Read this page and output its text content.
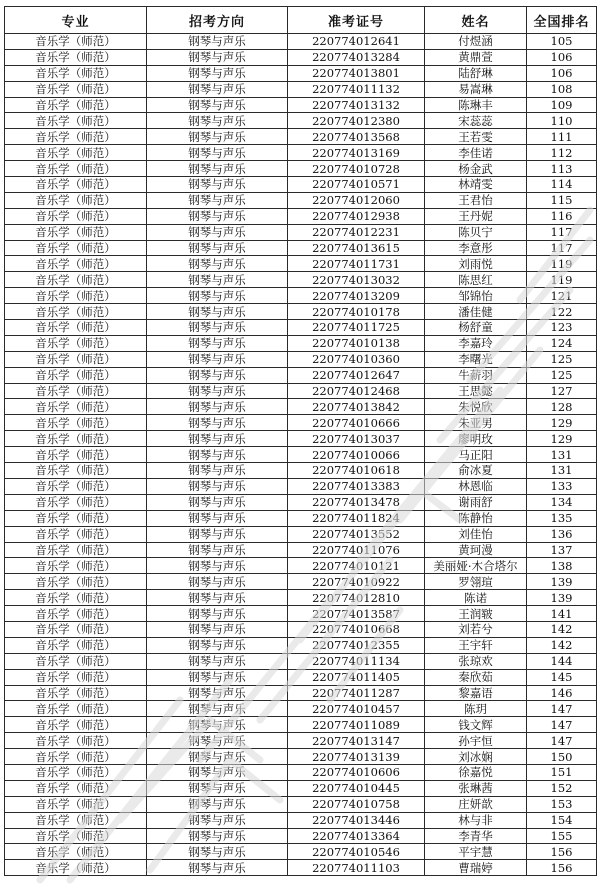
专业	招考方向	准考证号	姓名	全国排名
音乐学（师范）	钢琴与声乐	220774012641	付煜涵	105
音乐学（师范）	钢琴与声乐	220774013284	黄鼎萱	106
音乐学（师范）	钢琴与声乐	220774013801	陆舒琳	106
音乐学（师范）	钢琴与声乐	220774011132	易嵩琳	108
音乐学（师范）	钢琴与声乐	220774013132	陈琳丰	109
音乐学（师范）	钢琴与声乐	220774012380	宋蕊蕊	110
音乐学（师范）	钢琴与声乐	220774013568	王若雯	111
音乐学（师范）	钢琴与声乐	220774013169	李佳诺	112
音乐学（师范）	钢琴与声乐	220774010728	杨金武	113
音乐学（师范）	钢琴与声乐	220774010571	林靖雯	114
音乐学（师范）	钢琴与声乐	220774012060	王君怡	115
音乐学（师范）	钢琴与声乐	220774012938	王丹妮	116
音乐学（师范）	钢琴与声乐	220774012231	陈贝宁	117
音乐学（师范）	钢琴与声乐	220774013615	李意彤	117
音乐学（师范）	钢琴与声乐	220774011731	刘雨悦	119
音乐学（师范）	钢琴与声乐	220774013032	陈思红	119
音乐学（师范）	钢琴与声乐	220774013209	邹锦怡	121
音乐学（师范）	钢琴与声乐	220774010178	潘佳健	122
音乐学（师范）	钢琴与声乐	220774011725	杨舒童	123
音乐学（师范）	钢琴与声乐	220774010138	李嘉玲	124
音乐学（师范）	钢琴与声乐	220774010360	李曙光	125
音乐学（师范）	钢琴与声乐	220774012647	牛薪羽	125
音乐学（师范）	钢琴与声乐	220774012468	王思懿	127
音乐学（师范）	钢琴与声乐	220774013842	朱悦欣	128
音乐学（师范）	钢琴与声乐	220774010666	朱亚男	129
音乐学（师范）	钢琴与声乐	220774013037	廖明玫	129
音乐学（师范）	钢琴与声乐	220774010066	马正阳	131
音乐学（师范）	钢琴与声乐	220774010618	俞冰夏	131
音乐学（师范）	钢琴与声乐	220774013383	林恩临	133
音乐学（师范）	钢琴与声乐	220774013478	谢雨舒	134
音乐学（师范）	钢琴与声乐	220774011824	陈静怡	135
音乐学（师范）	钢琴与声乐	220774013552	刘佳怡	136
音乐学（师范）	钢琴与声乐	220774011076	黄珂漫	137
音乐学（师范）	钢琴与声乐	220774010121	美丽娅·木合塔尔	138
音乐学（师范）	钢琴与声乐	220774010922	罗翎瑄	139
音乐学（师范）	钢琴与声乐	220774012810	陈诺	139
音乐学（师范）	钢琴与声乐	220774013587	王润皲	141
音乐学（师范）	钢琴与声乐	220774010668	刘若兮	142
音乐学（师范）	钢琴与声乐	220774012355	王宇轩	142
音乐学（师范）	钢琴与声乐	220774011134	张琼欢	144
音乐学（师范）	钢琴与声乐	220774011405	秦欣茹	145
音乐学（师范）	钢琴与声乐	220774011287	黎嘉语	146
音乐学（师范）	钢琴与声乐	220774010457	陈玥	147
音乐学（师范）	钢琴与声乐	220774011089	钱文辉	147
音乐学（师范）	钢琴与声乐	220774013147	孙宇恒	147
音乐学（师范）	钢琴与声乐	220774013139	刘冰娴	150
音乐学（师范）	钢琴与声乐	220774010606	徐嘉悦	151
音乐学（师范）	钢琴与声乐	220774010445	张琳茜	152
音乐学（师范）	钢琴与声乐	220774010758	庄妍歆	153
音乐学（师范）	钢琴与声乐	220774013446	林与非	154
音乐学（师范）	钢琴与声乐	220774013364	李青华	155
音乐学（师范）	钢琴与声乐	220774010546	平宇慧	156
音乐学（师范）	钢琴与声乐	220774011103	曹瑞婷	156
